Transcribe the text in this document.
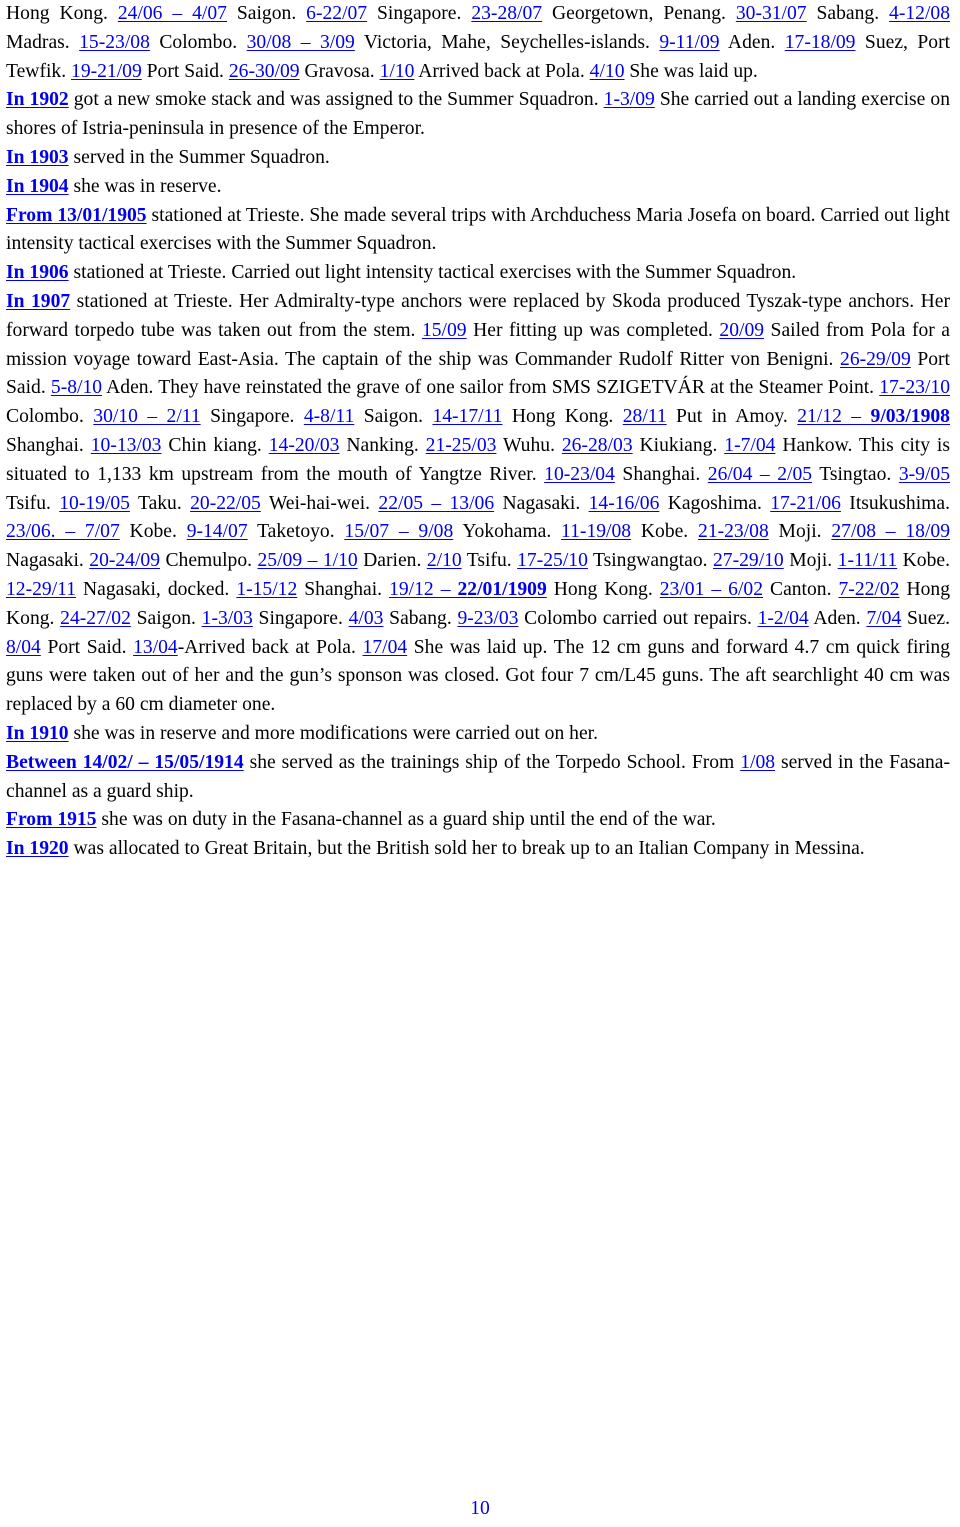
Hong Kong. 24/06 – 4/07 Saigon. 6-22/07 Singapore. 23-28/07 Georgetown, Penang. 30-31/07 Sabang. 4-12/08 Madras. 15-23/08 Colombo. 30/08 – 3/09 Victoria, Mahe, Seychelles-islands. 9-11/09 Aden. 17-18/09 Suez, Port Tewfik. 19-21/09 Port Said. 26-30/09 Gravosa. 1/10 Arrived back at Pola. 4/10 She was laid up.

In 1902 got a new smoke stack and was assigned to the Summer Squadron. 1-3/09 She carried out a landing exercise on shores of Istria-peninsula in presence of the Emperor.

In 1903 served in the Summer Squadron.

In 1904 she was in reserve.

From 13/01/1905 stationed at Trieste. She made several trips with Archduchess Maria Josefa on board. Carried out light intensity tactical exercises with the Summer Squadron.

In 1906 stationed at Trieste. Carried out light intensity tactical exercises with the Summer Squadron.

In 1907 stationed at Trieste. Her Admiralty-type anchors were replaced by Skoda produced Tyszak-type anchors. Her forward torpedo tube was taken out from the stem. 15/09 Her fitting up was completed. 20/09 Sailed from Pola for a mission voyage toward East-Asia. The captain of the ship was Commander Rudolf Ritter von Benigni. 26-29/09 Port Said. 5-8/10 Aden. They have reinstated the grave of one sailor from SMS SZIGETVÁR at the Steamer Point. 17-23/10 Colombo. 30/10 – 2/11 Singapore. 4-8/11 Saigon. 14-17/11 Hong Kong. 28/11 Put in Amoy. 21/12 – 9/03/1908 Shanghai. 10-13/03 Chin kiang. 14-20/03 Nanking. 21-25/03 Wuhu. 26-28/03 Kiukiang. 1-7/04 Hankow. This city is situated to 1,133 km upstream from the mouth of Yangtze River. 10-23/04 Shanghai. 26/04 – 2/05 Tsingtao. 3-9/05 Tsifu. 10-19/05 Taku. 20-22/05 Wei-hai-wei. 22/05 – 13/06 Nagasaki. 14-16/06 Kagoshima. 17-21/06 Itsukushima. 23/06. – 7/07 Kobe. 9-14/07 Taketoyo. 15/07 – 9/08 Yokohama. 11-19/08 Kobe. 21-23/08 Moji. 27/08 – 18/09 Nagasaki. 20-24/09 Chemulpo. 25/09 – 1/10 Darien. 2/10 Tsifu. 17-25/10 Tsingwangtao. 27-29/10 Moji. 1-11/11 Kobe. 12-29/11 Nagasaki, docked. 1-15/12 Shanghai. 19/12 – 22/01/1909 Hong Kong. 23/01 – 6/02 Canton. 7-22/02 Hong Kong. 24-27/02 Saigon. 1-3/03 Singapore. 4/03 Sabang. 9-23/03 Colombo carried out repairs. 1-2/04 Aden. 7/04 Suez. 8/04 Port Said. 13/04-Arrived back at Pola. 17/04 She was laid up. The 12 cm guns and forward 4.7 cm quick firing guns were taken out of her and the gun’s sponson was closed. Got four 7 cm/L45 guns. The aft searchlight 40 cm was replaced by a 60 cm diameter one.

In 1910 she was in reserve and more modifications were carried out on her.

Between 14/02/ – 15/05/1914 she served as the trainings ship of the Torpedo School. From 1/08 served in the Fasana-channel as a guard ship.

From 1915 she was on duty in the Fasana-channel as a guard ship until the end of the war.

In 1920 was allocated to Great Britain, but the British sold her to break up to an Italian Company in Messina.

10
